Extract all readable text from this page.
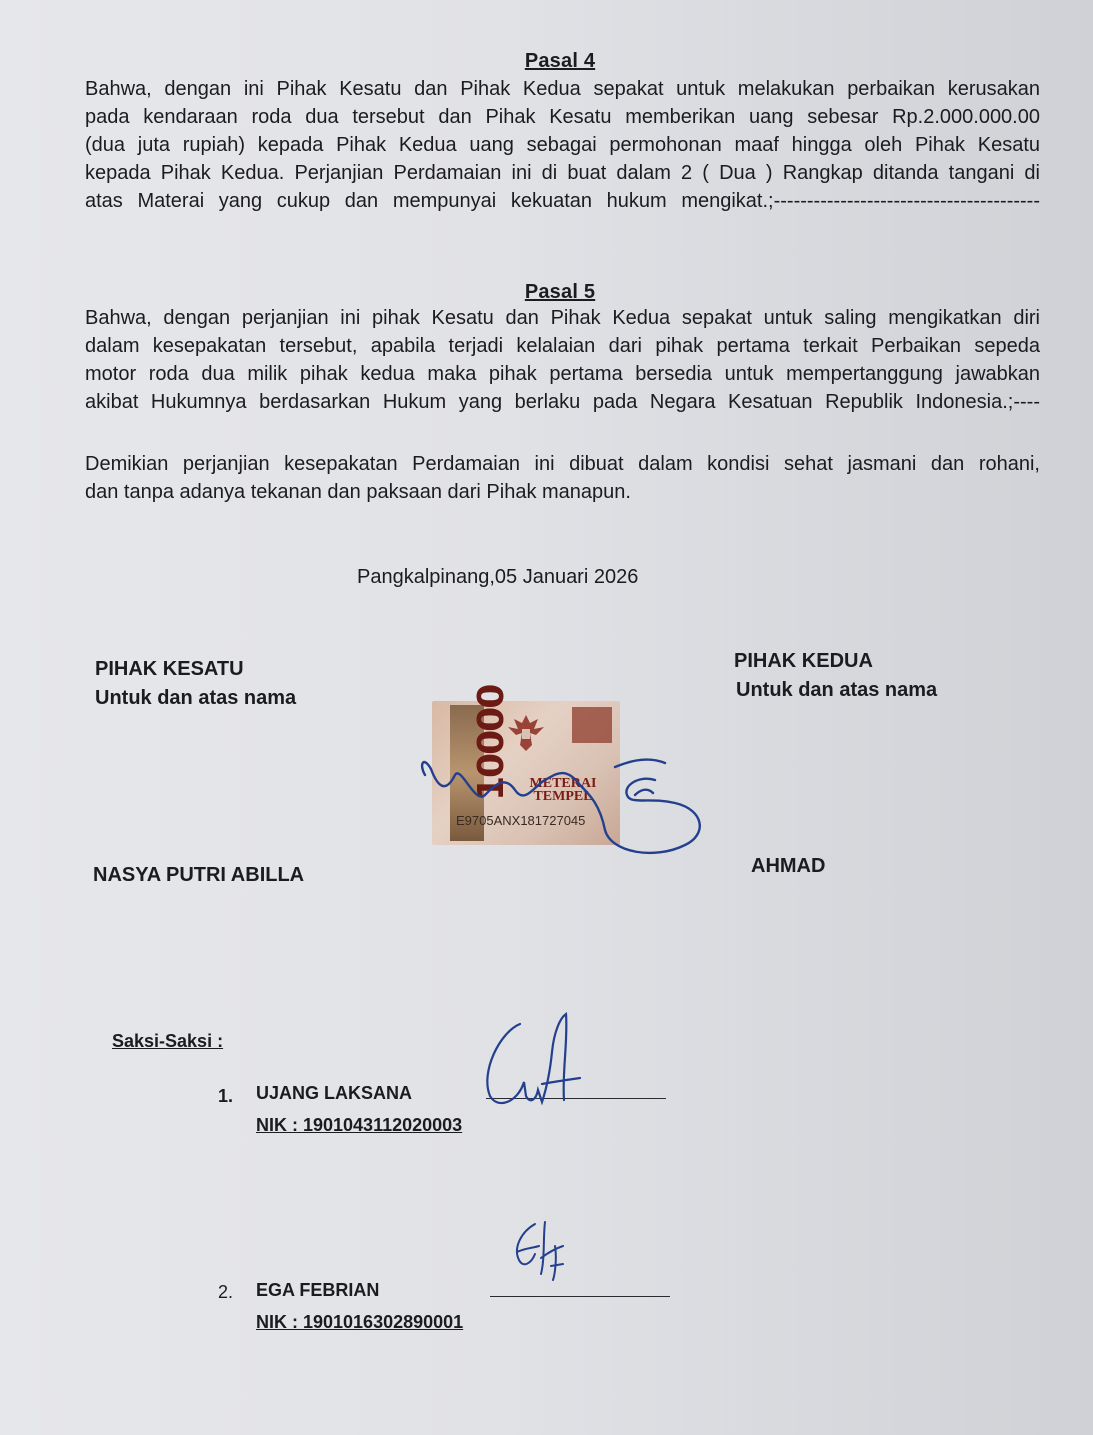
Pasal 4

Bahwa, dengan ini Pihak Kesatu dan Pihak Kedua sepakat untuk melakukan perbaikan kerusakan
pada kendaraan roda dua tersebut dan Pihak Kesatu memberikan uang sebesar Rp.2.000.000.00
(dua juta rupiah) kepada Pihak Kedua uang sebagai permohonan maaf hingga oleh Pihak Kesatu
kepada Pihak Kedua. Perjanjian Perdamaian ini di buat dalam 2 ( Dua ) Rangkap ditanda tangani di
atas Materai yang cukup dan mempunyai kekuatan hukum mengikat.;----------------------------------------

Pasal 5

Bahwa, dengan perjanjian ini pihak Kesatu dan Pihak Kedua sepakat untuk saling mengikatkan diri
dalam kesepakatan tersebut, apabila terjadi kelalaian dari pihak pertama terkait Perbaikan sepeda
motor roda dua milik pihak kedua maka pihak pertama bersedia untuk mempertanggung jawabkan
akibat Hukumnya berdasarkan Hukum yang berlaku pada Negara Kesatuan Republik Indonesia.;----

Demikian perjanjian kesepakatan Perdamaian ini dibuat dalam kondisi sehat jasmani dan rohani,
dan tanpa adanya tekanan dan paksaan dari Pihak manapun.

Pangkalpinang,05 Januari 2026
PIHAK KESATU
Untuk dan atas nama
PIHAK KEDUA
Untuk dan atas nama
10000	METERAI
TEMPEL
E9705ANX181727045
NASYA PUTRI ABILLA	AHMAD
Saksi-Saksi :
1. UJANG LAKSANA
NIK : 1901043112020003
2. EGA FEBRIAN
NIK : 1901016302890001
